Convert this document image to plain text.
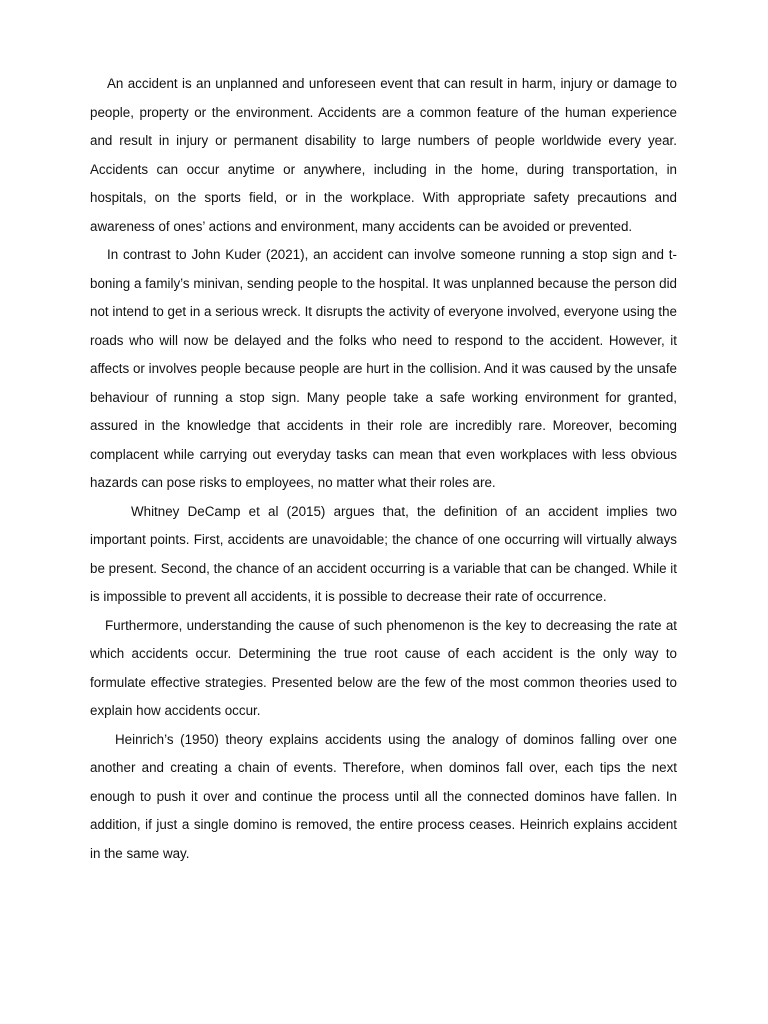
An accident is an unplanned and unforeseen event that can result in harm, injury or damage to people, property or the environment. Accidents are a common feature of the human experience and result in injury or permanent disability to large numbers of people worldwide every year. Accidents can occur anytime or anywhere, including in the home, during transportation, in hospitals, on the sports field, or in the workplace. With appropriate safety precautions and awareness of ones’ actions and environment, many accidents can be avoided or prevented.

In contrast to John Kuder (2021), an accident can involve someone running a stop sign and t-boning a family’s minivan, sending people to the hospital. It was unplanned because the person did not intend to get in a serious wreck. It disrupts the activity of everyone involved, everyone using the roads who will now be delayed and the folks who need to respond to the accident. However, it affects or involves people because people are hurt in the collision. And it was caused by the unsafe behaviour of running a stop sign. Many people take a safe working environment for granted, assured in the knowledge that accidents in their role are incredibly rare. Moreover, becoming complacent while carrying out everyday tasks can mean that even workplaces with less obvious hazards can pose risks to employees, no matter what their roles are.

Whitney DeCamp et al (2015) argues that, the definition of an accident implies two important points. First, accidents are unavoidable; the chance of one occurring will virtually always be present. Second, the chance of an accident occurring is a variable that can be changed. While it is impossible to prevent all accidents, it is possible to decrease their rate of occurrence.

Furthermore, understanding the cause of such phenomenon is the key to decreasing the rate at which accidents occur. Determining the true root cause of each accident is the only way to formulate effective strategies. Presented below are the few of the most common theories used to explain how accidents occur.

Heinrich’s (1950) theory explains accidents using the analogy of dominos falling over one another and creating a chain of events. Therefore, when dominos fall over, each tips the next enough to push it over and continue the process until all the connected dominos have fallen. In addition, if just a single domino is removed, the entire process ceases. Heinrich explains accident in the same way.
